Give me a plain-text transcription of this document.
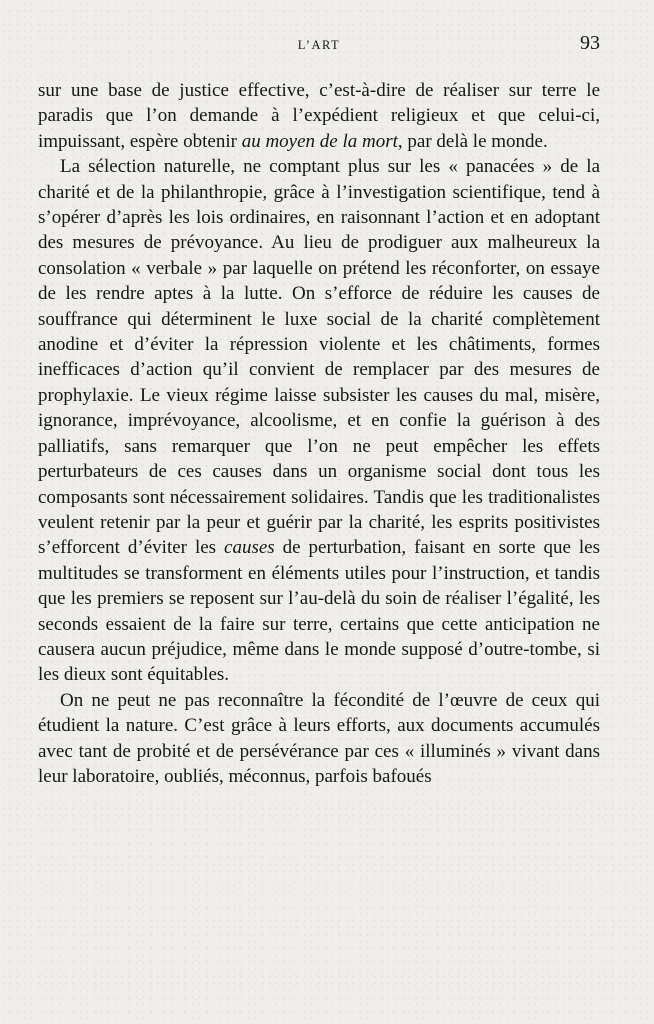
L’ART	93

sur une base de justice effective, c’est-à-dire de réaliser sur terre le paradis que l’on demande à l’expédient religieux et que celui-ci, impuissant, espère obtenir au moyen de la mort, par delà le monde.

La sélection naturelle, ne comptant plus sur les « panacées » de la charité et de la philanthropie, grâce à l’investigation scientifique, tend à s’opérer d’après les lois ordinaires, en raisonnant l’action et en adoptant des mesures de prévoyance. Au lieu de prodiguer aux malheureux la consolation « verbale » par laquelle on prétend les réconforter, on essaye de les rendre aptes à la lutte. On s’efforce de réduire les causes de souffrance qui déterminent le luxe social de la charité complètement anodine et d’éviter la répression violente et les châtiments, formes inefficaces d’action qu’il convient de remplacer par des mesures de prophylaxie. Le vieux régime laisse subsister les causes du mal, misère, ignorance, imprévoyance, alcoolisme, et en confie la guérison à des palliatifs, sans remarquer que l’on ne peut empêcher les effets perturbateurs de ces causes dans un organisme social dont tous les composants sont nécessairement solidaires. Tandis que les traditionalistes veulent retenir par la peur et guérir par la charité, les esprits positivistes s’efforcent d’éviter les causes de perturbation, faisant en sorte que les multitudes se transforment en éléments utiles pour l’instruction, et tandis que les premiers se reposent sur l’au-delà du soin de réaliser l’égalité, les seconds essaient de la faire sur terre, certains que cette anticipation ne causera aucun préjudice, même dans le monde supposé d’outre-tombe, si les dieux sont équitables.

On ne peut ne pas reconnaître la fécondité de l’œuvre de ceux qui étudient la nature. C’est grâce à leurs efforts, aux documents accumulés avec tant de probité et de persévérance par ces « illuminés » vivant dans leur laboratoire, oubliés, méconnus, parfois bafoués
